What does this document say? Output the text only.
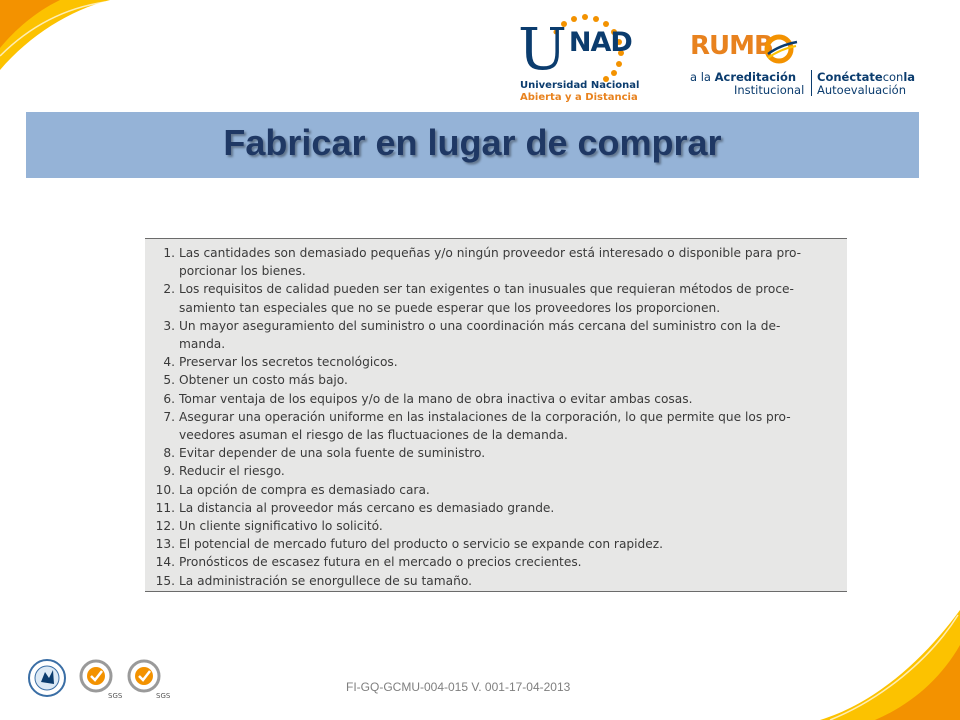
U NAD
Universidad Nacional
Abierta y a Distancia
RUMB
a la Acreditación
Institucional
Conéctateconla
Autoevaluación
Fabricar en lugar de comprar
1. Las cantidades son demasiado pequeñas y/o ningún proveedor está interesado o disponible para pro-
porcionar los bienes.
2. Los requisitos de calidad pueden ser tan exigentes o tan inusuales que requieran métodos de proce-
samiento tan especiales que no se puede esperar que los proveedores los proporcionen.
3. Un mayor aseguramiento del suministro o una coordinación más cercana del suministro con la de-
manda.
4. Preservar los secretos tecnológicos.
5. Obtener un costo más bajo.
6. Tomar ventaja de los equipos y/o de la mano de obra inactiva o evitar ambas cosas.
7. Asegurar una operación uniforme en las instalaciones de la corporación, lo que permite que los pro-
veedores asuman el riesgo de las fluctuaciones de la demanda.
8. Evitar depender de una sola fuente de suministro.
9. Reducir el riesgo.
10. La opción de compra es demasiado cara.
11. La distancia al proveedor más cercano es demasiado grande.
12. Un cliente significativo lo solicitó.
13. El potencial de mercado futuro del producto o servicio se expande con rapidez.
14. Pronósticos de escasez futura en el mercado o precios crecientes.
15. La administración se enorgullece de su tamaño.
SGS	SGS
FI-GQ-GCMU-004-015 V. 001-17-04-2013
